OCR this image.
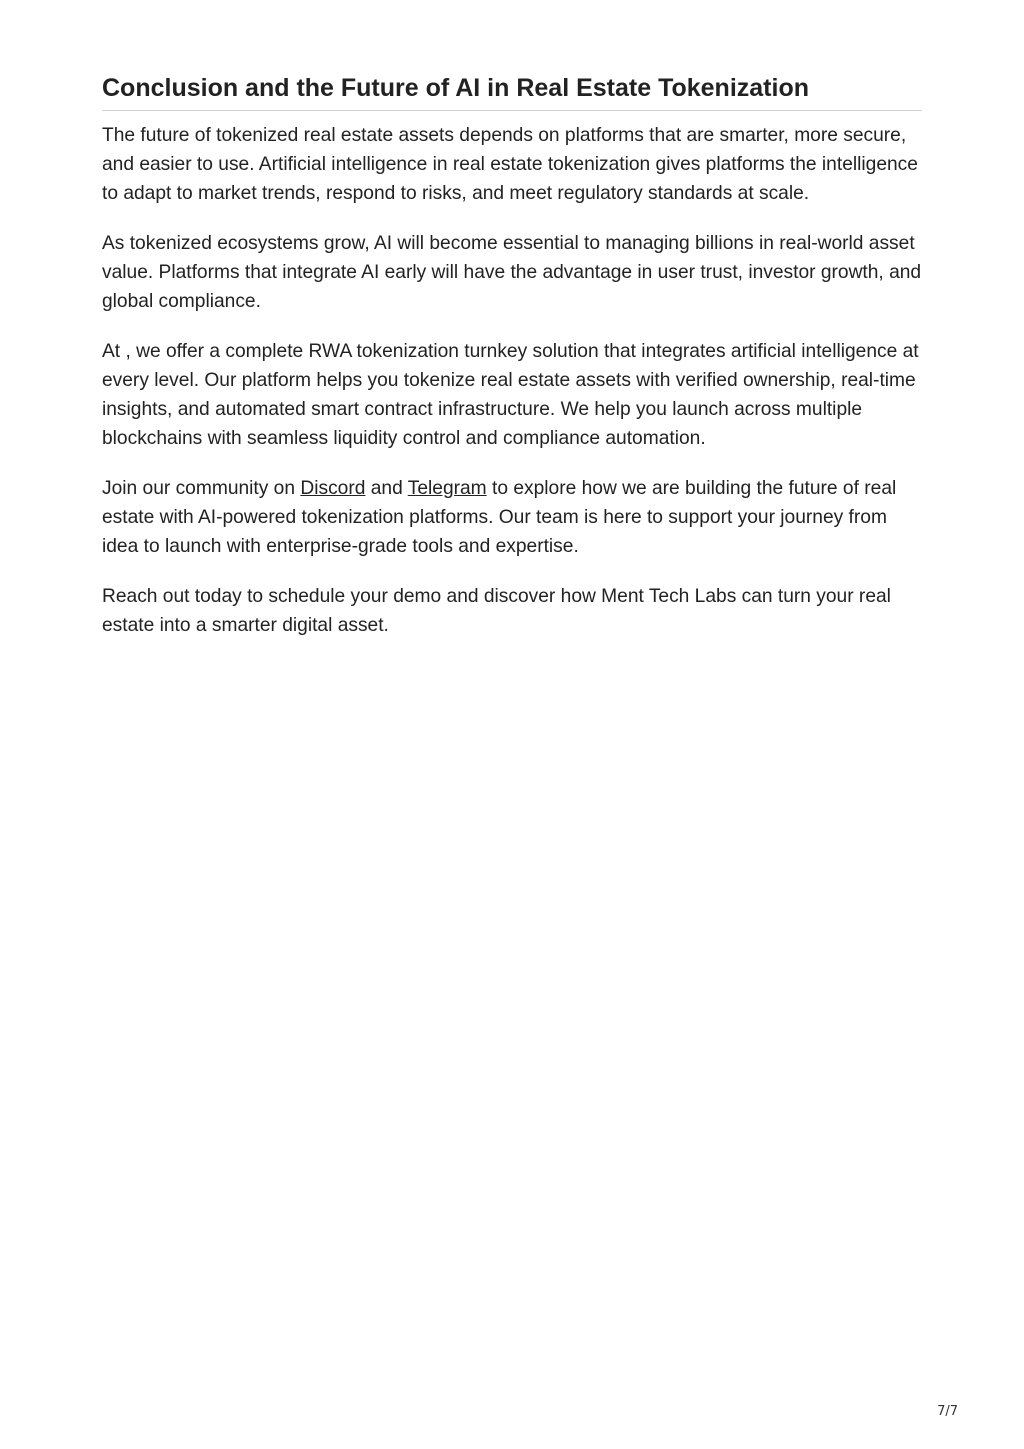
Conclusion and the Future of AI in Real Estate Tokenization

The future of tokenized real estate assets depends on platforms that are smarter, more secure, and easier to use. Artificial intelligence in real estate tokenization gives platforms the intelligence to adapt to market trends, respond to risks, and meet regulatory standards at scale.

As tokenized ecosystems grow, AI will become essential to managing billions in real-world asset value. Platforms that integrate AI early will have the advantage in user trust, investor growth, and global compliance.

At , we offer a complete RWA tokenization turnkey solution that integrates artificial intelligence at every level. Our platform helps you tokenize real estate assets with verified ownership, real-time insights, and automated smart contract infrastructure. We help you launch across multiple blockchains with seamless liquidity control and compliance automation.

Join our community on Discord and Telegram to explore how we are building the future of real estate with AI-powered tokenization platforms. Our team is here to support your journey from idea to launch with enterprise-grade tools and expertise.

Reach out today to schedule your demo and discover how Ment Tech Labs can turn your real estate into a smarter digital asset.

7/7
